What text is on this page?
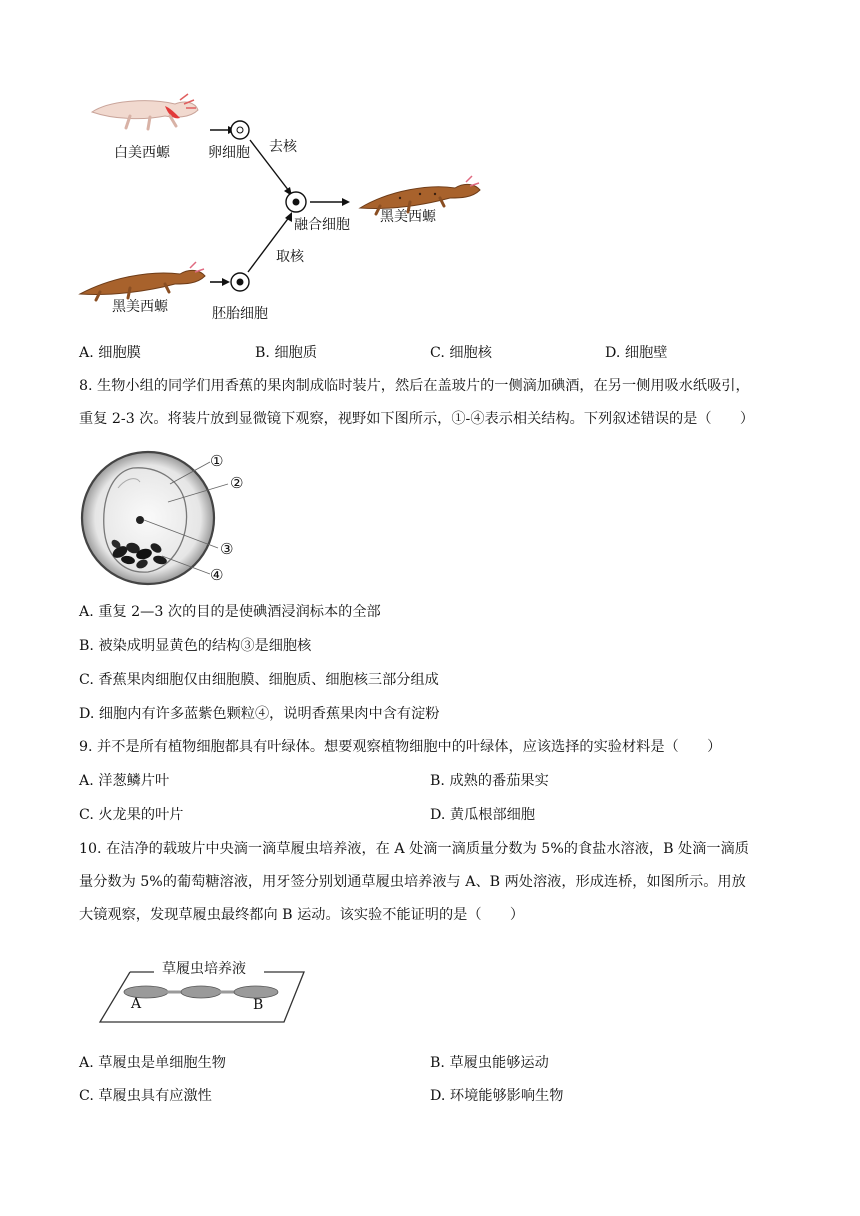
白美西螈	卵细胞 去核
融合细胞 黑美西螈
取核
黑美西螈	胚胎细胞
A. 细胞膜	B. 细胞质	C. 细胞核	D. 细胞壁
8. 生物小组的同学们用香蕉的果肉制成临时装片，然后在盖玻片的一侧滴加碘酒，在另一侧用吸水纸吸引，
重复 2-3 次。将装片放到显微镜下观察，视野如下图所示，①-④表示相关结构。下列叙述错误的是（　　）
①
②
③
④
A. 重复 2—3 次的目的是使碘酒浸润标本的全部
B. 被染成明显黄色的结构③是细胞核
C. 香蕉果肉细胞仅由细胞膜、细胞质、细胞核三部分组成
D. 细胞内有许多蓝紫色颗粒④，说明香蕉果肉中含有淀粉
9. 并不是所有植物细胞都具有叶绿体。想要观察植物细胞中的叶绿体，应该选择的实验材料是（　　）
A. 洋葱鳞片叶	B. 成熟的番茄果实
C. 火龙果的叶片	D. 黄瓜根部细胞
10. 在洁净的载玻片中央滴一滴草履虫培养液，在 A 处滴一滴质量分数为 5%的食盐水溶液，B 处滴一滴质
量分数为 5%的葡萄糖溶液，用牙签分别划通草履虫培养液与 A、B 两处溶液，形成连桥，如图所示。用放
大镜观察，发现草履虫最终都向 B 运动。该实验不能证明的是（　　）
草履虫培养液
A	B
A. 草履虫是单细胞生物	B. 草履虫能够运动
C. 草履虫具有应激性	D. 环境能够影响生物
